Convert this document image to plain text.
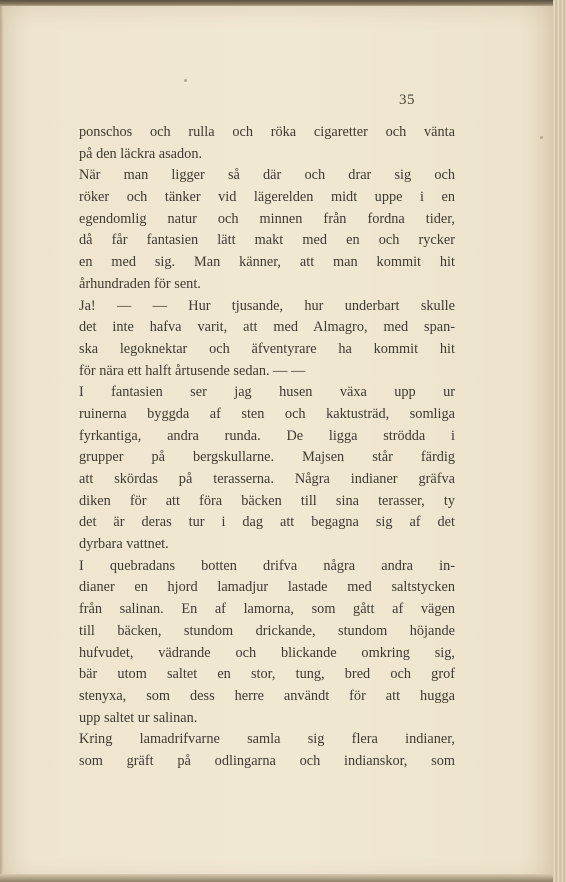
35
ponschos och rulla och röka cigaretter och vänta
på den läckra asadon.
När man ligger så där och drar sig och
röker och tänker vid lägerelden midt uppe i en
egendomlig natur och minnen från fordna tider,
då får fantasien lätt makt med en och rycker
en med sig. Man känner, att man kommit hit
århundraden för sent.
Ja! — — Hur tjusande, hur underbart skulle
det inte hafva varit, att med Almagro, med span-
ska legoknektar och äfventyrare ha kommit hit
för nära ett halft årtusende sedan. — —
I fantasien ser jag husen växa upp ur
ruinerna byggda af sten och kaktusträd, somliga
fyrkantiga, andra runda. De ligga strödda i
grupper på bergskullarne. Majsen står färdig
att skördas på terasserna. Några indianer gräfva
diken för att föra bäcken till sina terasser, ty
det är deras tur i dag att begagna sig af det
dyrbara vattnet.
I quebradans botten drifva några andra in-
dianer en hjord lamadjur lastade med saltstycken
från salinan. En af lamorna, som gått af vägen
till bäcken, stundom drickande, stundom höjande
hufvudet, vädrande och blickande omkring sig,
bär utom saltet en stor, tung, bred och grof
stenyxa, som dess herre användt för att hugga
upp saltet ur salinan.
Kring lamadrifvarne samla sig flera indianer,
som gräft på odlingarna och indianskor, som
